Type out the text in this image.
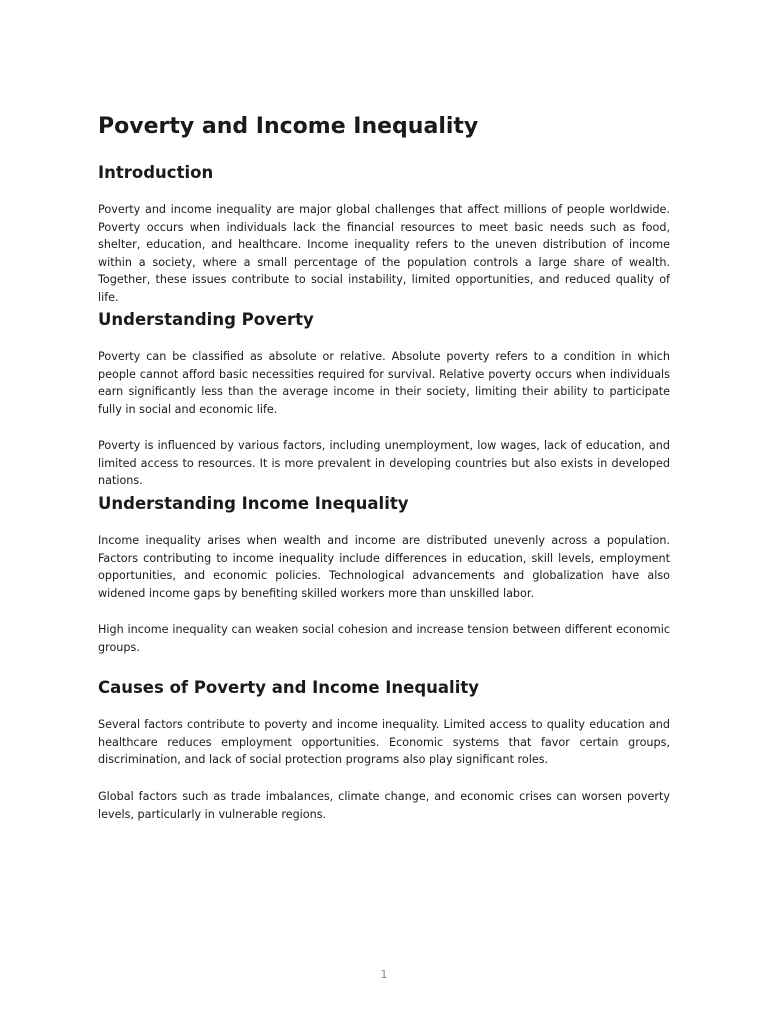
Poverty and Income Inequality
Introduction

Poverty and income inequality are major global challenges that affect millions of people worldwide. Poverty occurs when individuals lack the financial resources to meet basic needs such as food, shelter, education, and healthcare. Income inequality refers to the uneven distribution of income within a society, where a small percentage of the population controls a large share of wealth. Together, these issues contribute to social instability, limited opportunities, and reduced quality of life.

Understanding Poverty

Poverty can be classified as absolute or relative. Absolute poverty refers to a condition in which people cannot afford basic necessities required for survival. Relative poverty occurs when individuals earn significantly less than the average income in their society, limiting their ability to participate fully in social and economic life.

Poverty is influenced by various factors, including unemployment, low wages, lack of education, and limited access to resources. It is more prevalent in developing countries but also exists in developed nations.

Understanding Income Inequality

Income inequality arises when wealth and income are distributed unevenly across a population. Factors contributing to income inequality include differences in education, skill levels, employment opportunities, and economic policies. Technological advancements and globalization have also widened income gaps by benefiting skilled workers more than unskilled labor.

High income inequality can weaken social cohesion and increase tension between different economic groups.

Causes of Poverty and Income Inequality

Several factors contribute to poverty and income inequality. Limited access to quality education and healthcare reduces employment opportunities. Economic systems that favor certain groups, discrimination, and lack of social protection programs also play significant roles.

Global factors such as trade imbalances, climate change, and economic crises can worsen poverty levels, particularly in vulnerable regions.

1
